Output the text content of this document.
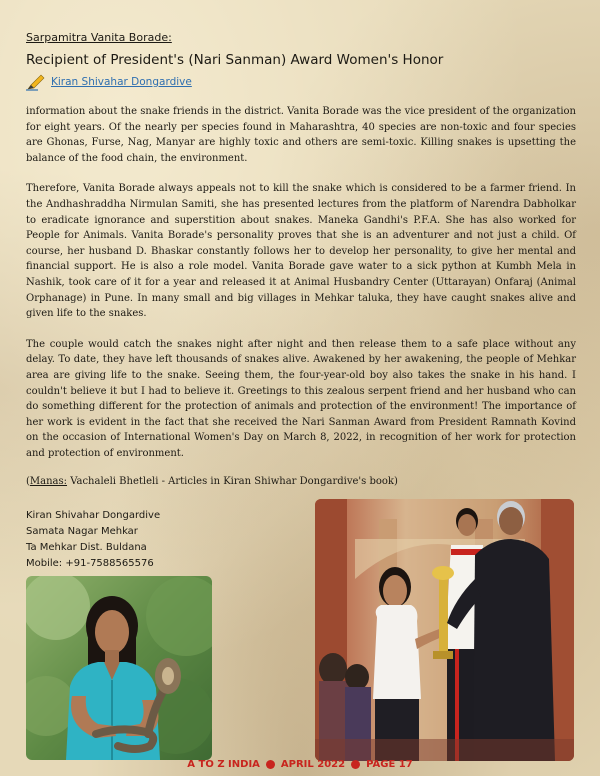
Sarpamitra Vanita Borade:
Recipient of President's (Nari Sanman) Award Women's Honor
Kiran Shivahar Dongardive

information about the snake friends in the district. Vanita Borade was the vice president of the organization for eight years. Of the nearly per species found in Maharashtra, 40 species are non-toxic and four species are Ghonas, Furse, Nag, Manyar are highly toxic and others are semi-toxic. Killing snakes is upsetting the balance of the food chain, the environment.

Therefore, Vanita Borade always appeals not to kill the snake which is considered to be a farmer friend. In the Andhashraddha Nirmulan Samiti, she has presented lectures from the platform of Narendra Dabholkar to eradicate ignorance and superstition about snakes. Maneka Gandhi's P.F.A. She has also worked for People for Animals. Vanita Borade's personality proves that she is an adventurer and not just a child. Of course, her husband D. Bhaskar constantly follows her to develop her personality, to give her mental and financial support. He is also a role model. Vanita Borade gave water to a sick python at Kumbh Mela in Nashik, took care of it for a year and released it at Animal Husbandry Center (Uttarayan) Onfaraj (Animal Orphanage) in Pune. In many small and big villages in Mehkar taluka, they have caught snakes alive and given life to the snakes.

The couple would catch the snakes night after night and then release them to a safe place without any delay. To date, they have left thousands of snakes alive. Awakened by her awakening, the people of Mehkar area are giving life to the snake. Seeing them, the four-year-old boy also takes the snake in his hand. I couldn't believe it but I had to believe it. Greetings to this zealous serpent friend and her husband who can do something different for the protection of animals and protection of the environment! The importance of her work is evident in the fact that she received the Nari Sanman Award from President Ramnath Kovind on the occasion of International Women's Day on March 8, 2022, in recognition of her work for protection and protection of environment.

(Manas: Vachaleli Bhetleli - Articles in Kiran Shiwhar Dongardive's book)
Kiran Shivahar Dongardive
Samata Nagar Mehkar
Ta Mehkar Dist. Buldana
Mobile: +91-7588565576
A TO Z INDIA APRIL 2022 PAGE 17
